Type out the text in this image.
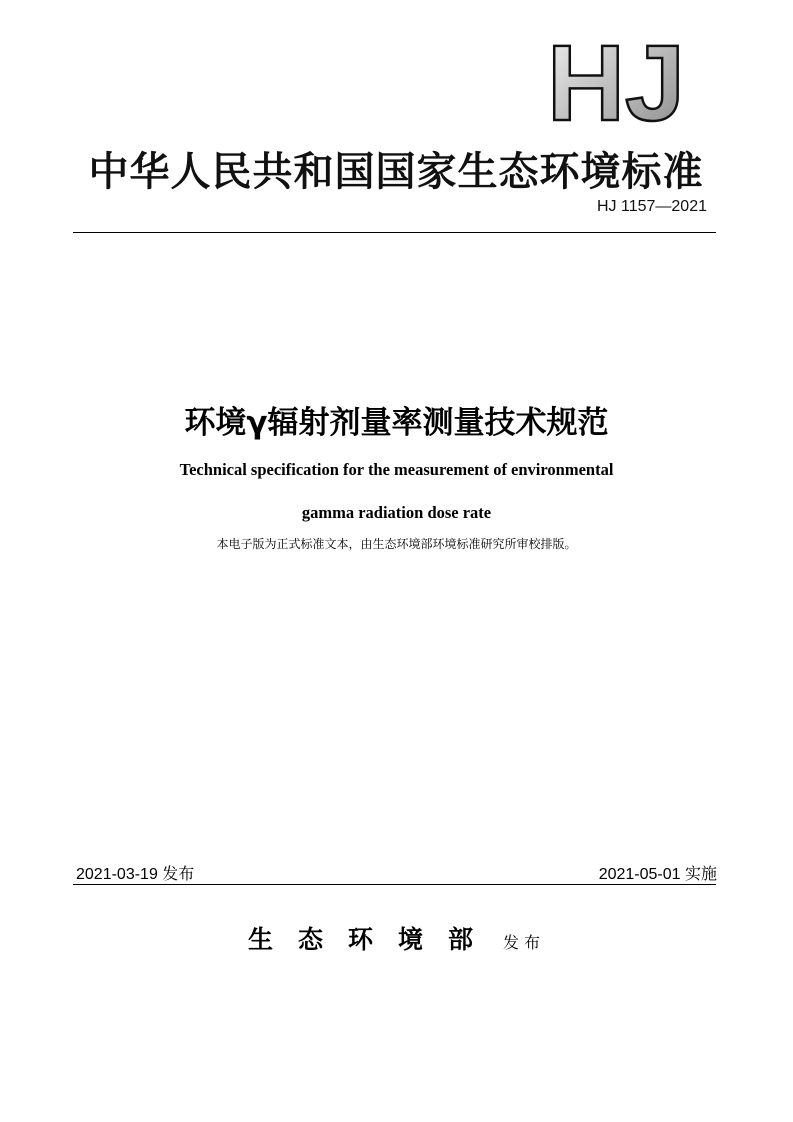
HJ
中华人民共和国国家生态环境标准
HJ 1157—2021
环境γ辐射剂量率测量技术规范
Technical specification for the measurement of environmental
gamma radiation dose rate
本电子版为正式标准文本，由生态环境部环境标准研究所审校排版。
2021-03-19 发布	2021-05-01 实施
生态环境部 发布
